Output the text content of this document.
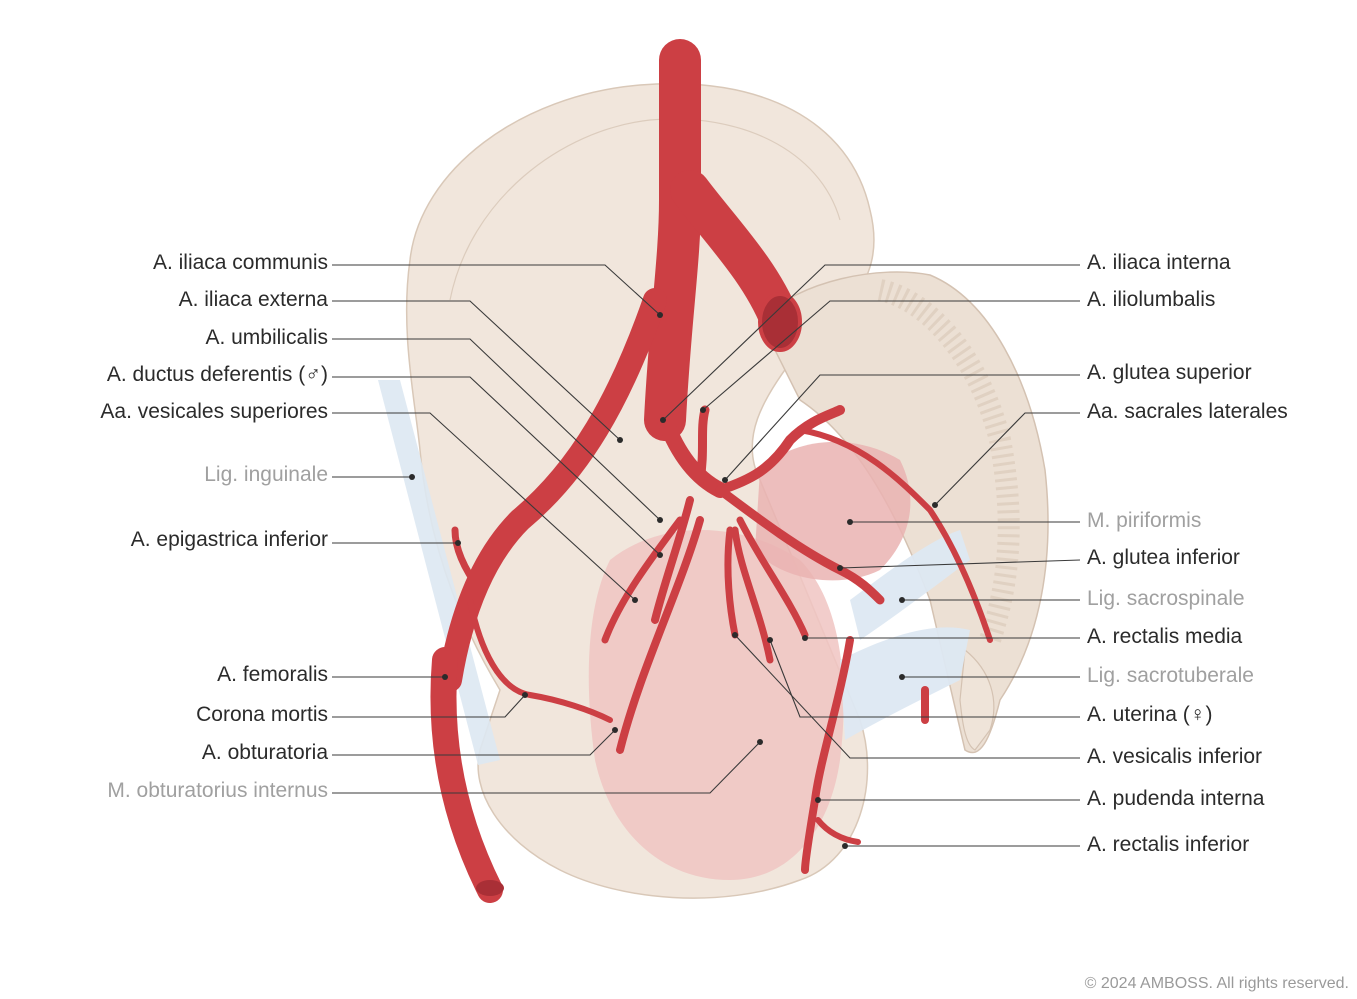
A. iliaca communis
A. iliaca externa
A. umbilicalis
A. ductus deferentis (♂)
Aa. vesicales superiores
Lig. inguinale
A. epigastrica inferior
A. femoralis
Corona mortis
A. obturatoria
M. obturatorius internus
A. iliaca interna
A. iliolumbalis
A. glutea superior
Aa. sacrales laterales
M. piriformis
A. glutea inferior
Lig. sacrospinale
A. rectalis media
Lig. sacrotuberale
A. uterina (♀)
A. vesicalis inferior
A. pudenda interna
A. rectalis inferior
© 2024 AMBOSS. All rights reserved.
